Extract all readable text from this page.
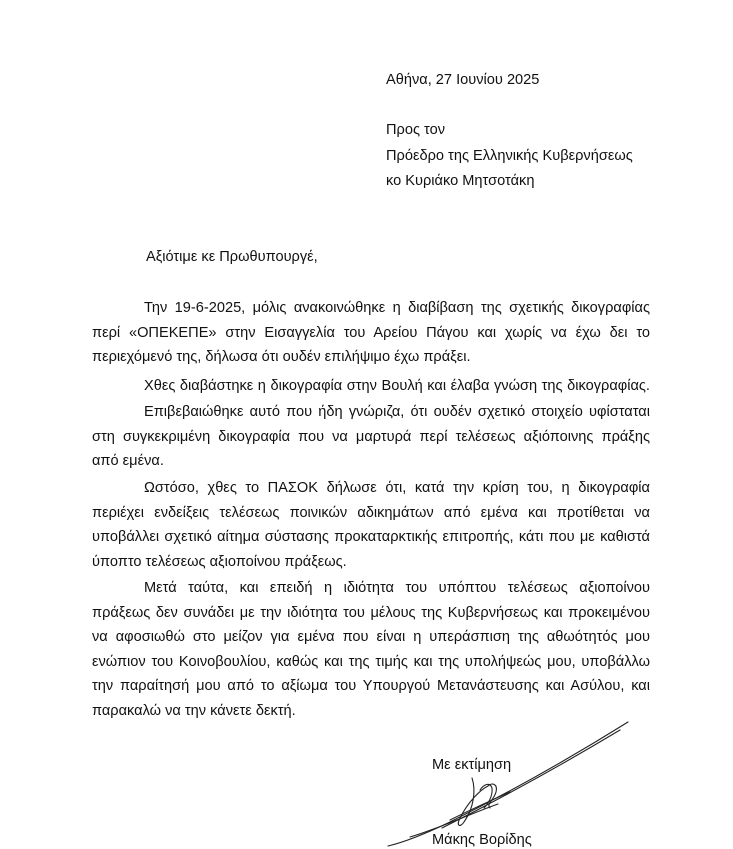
Αθήνα, 27 Ιουνίου 2025
Προς τον
Πρόεδρο της Ελληνικής Κυβερνήσεως
κο Κυριάκο Μητσοτάκη
Αξιότιμε κε Πρωθυπουργέ,
Την 19-6-2025, μόλις ανακοινώθηκε η διαβίβαση της σχετικής δικογραφίας
περί «ΟΠΕΚΕΠΕ» στην Εισαγγελία του Αρείου Πάγου και χωρίς να έχω δει το
περιεχόμενό της, δήλωσα ότι ουδέν επιλήψιμο έχω πράξει.
Χθες διαβάστηκε η δικογραφία στην Βουλή και έλαβα γνώση της δικογραφίας.
Επιβεβαιώθηκε αυτό που ήδη γνώριζα, ότι ουδέν σχετικό στοιχείο υφίσταται
στη συγκεκριμένη δικογραφία που να μαρτυρά περί τελέσεως αξιόποινης πράξης
από εμένα.
Ωστόσο, χθες το ΠΑΣΟΚ δήλωσε ότι, κατά την κρίση του, η δικογραφία
περιέχει ενδείξεις τελέσεως ποινικών αδικημάτων από εμένα και προτίθεται να
υποβάλλει σχετικό αίτημα σύστασης προκαταρκτικής επιτροπής, κάτι που με καθιστά
ύποπτο τελέσεως αξιοποίνου πράξεως.
Μετά ταύτα, και επειδή η ιδιότητα του υπόπτου τελέσεως αξιοποίνου
πράξεως δεν συνάδει με την ιδιότητα του μέλους της Κυβερνήσεως και προκειμένου
να αφοσιωθώ στο μείζον για εμένα που είναι η υπεράσπιση της αθωότητός μου
ενώπιον του Κοινοβουλίου, καθώς και της τιμής και της υπολήψεώς μου, υποβάλλω
την παραίτησή μου από το αξίωμα του Υπουργού Μετανάστευσης και Ασύλου, και
παρακαλώ να την κάνετε δεκτή.
Με εκτίμηση
Μάκης Βορίδης
